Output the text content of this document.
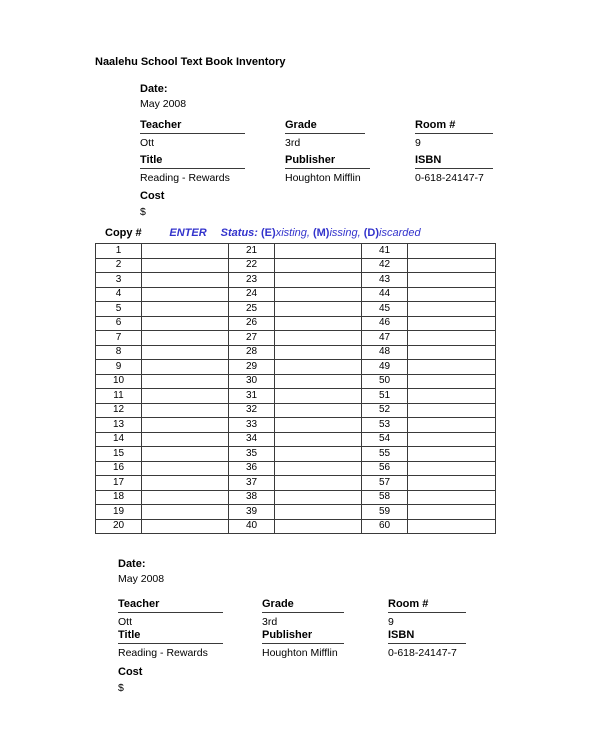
Naalehu School Text Book Inventory
Date:
May 2008
Teacher
Ott
Grade
3rd
Room #
9
Title
Reading - Rewards
Publisher
Houghton Mifflin
ISBN
0-618-24147-7
Cost
$
Copy #	ENTER Status: (E)xisting, (M)issing, (D)iscarded
1		21		41	
2		22		42	
3		23		43	
4		24		44	
5		25		45	
6		26		46	
7		27		47	
8		28		48	
9		29		49	
10		30		50	
11		31		51	
12		32		52	
13		33		53	
14		34		54	
15		35		55	
16		36		56	
17		37		57	
18		38		58	
19		39		59	
20		40		60	
Date:
May 2008
Teacher
Ott
Grade
3rd
Room #
9
Title
Reading - Rewards
Publisher
Houghton Mifflin
ISBN
0-618-24147-7
Cost
$
